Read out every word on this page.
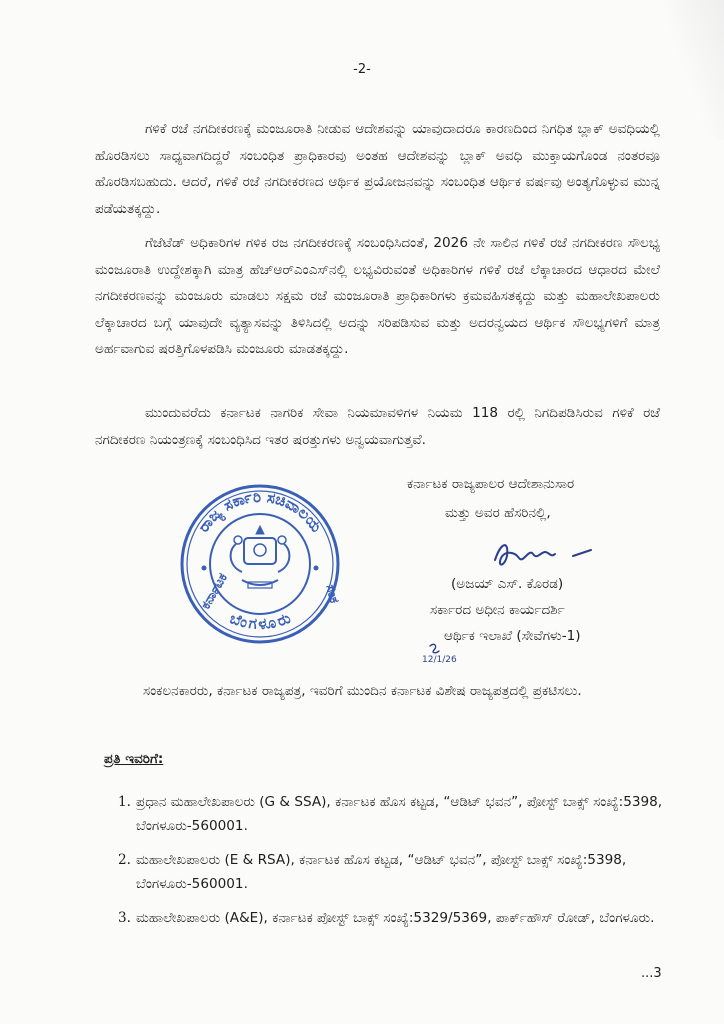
-2-

ಗಳಿಕೆ ರಜೆ ನಗದೀಕರಣಕ್ಕೆ ಮಂಜೂರಾತಿ ನೀಡುವ ಆದೇಶವನ್ನು ಯಾವುದಾದರೂ ಕಾರಣದಿಂದ ನಿಗಧಿತ ಬ್ಲಾಕ್ ಅವಧಿಯಲ್ಲಿ ಹೊರಡಿಸಲು ಸಾಧ್ಯವಾಗದಿದ್ದರೆ ಸಂಬಂಧಿತ ಪ್ರಾಧಿಕಾರವು ಅಂತಹ ಆದೇಶವನ್ನು ಬ್ಲಾಕ್ ಅವಧಿ ಮುಕ್ತಾಯಗೊಂಡ ನಂತರವೂ ಹೊರಡಿಸಬಹುದು. ಆದರೆ, ಗಳಿಕೆ ರಜೆ ನಗದೀಕರಣದ ಆರ್ಥಿಕ ಪ್ರಯೋಜನವನ್ನು ಸಂಬಂಧಿತ ಆರ್ಥಿಕ ವರ್ಷವು ಅಂತ್ಯಗೊಳ್ಳುವ ಮುನ್ನ ಪಡೆಯತಕ್ಕದ್ದು.

ಗೆಜೆಟೆಡ್ ಅಧಿಕಾರಿಗಳ ಗಳಿಕ ರಜ ನಗದೀಕರಣಕ್ಕೆ ಸಂಬಂಧಿಸಿದಂತೆ, 2026 ನೇ ಸಾಲಿನ ಗಳಿಕೆ ರಜೆ ನಗದೀಕರಣ ಸೌಲಭ್ಯ ಮಂಜೂರಾತಿ ಉದ್ದೇಶಕ್ಕಾಗಿ ಮಾತ್ರ ಹೆಚ್‌ಆರ್‌ಎಂಎಸ್‌ನಲ್ಲಿ ಲಭ್ಯವಿರುವಂತೆ ಅಧಿಕಾರಿಗಳ ಗಳಿಕೆ ರಜೆ ಲೆಕ್ಕಾಚಾರದ ಆಧಾರದ ಮೇಲೆ ನಗದೀಕರಣವನ್ನು ಮಂಜೂರು ಮಾಡಲು ಸಕ್ಷಮ ರಜೆ ಮಂಜೂರಾತಿ ಪ್ರಾಧಿಕಾರಿಗಳು ಕ್ರಮವಹಿಸತಕ್ಕದ್ದು ಮತ್ತು ಮಹಾಲೇಖಪಾಲರು ಲೆಕ್ಕಾಚಾರದ ಬಗ್ಗೆ ಯಾವುದೇ ವ್ಯತ್ಯಾಸವನ್ನು ತಿಳಿಸಿದಲ್ಲಿ ಅದನ್ನು ಸರಿಪಡಿಸುವ ಮತ್ತು ಅದರನ್ವಯದ ಆರ್ಥಿಕ ಸೌಲಭ್ಯಗಳಿಗೆ ಮಾತ್ರ ಅರ್ಹವಾಗುವ ಷರತ್ತಿಗೊಳಪಡಿಸಿ ಮಂಜೂರು ಮಾಡತಕ್ಕದ್ದು.

ಮುಂದುವರೆದು ಕರ್ನಾಟಕ ನಾಗರಿಕ ಸೇವಾ ನಿಯಮಾವಳಿಗಳ ನಿಯಮ 118 ರಲ್ಲಿ ನಿಗದಿಪಡಿಸಿರುವ ಗಳಿಕೆ ರಜೆ ನಗದೀಕರಣ ನಿಯಂತ್ರಣಕ್ಕೆ ಸಂಬಂಧಿಸಿದ ಇತರ ಷರತ್ತುಗಳು ಅನ್ವಯವಾಗುತ್ತವೆ.

ರಾಜ್ಯ ಸರ್ಕಾರಿ ಸಚಿವಾಲಯ
ಬೆಂಗಳೂರು
ಕರ್ನಾಟಕ	ಸಂಕ
ಕರ್ನಾಟಕ ರಾಜ್ಯಪಾಲರ ಆದೇಶಾನುಸಾರ
ಮತ್ತು ಅವರ ಹೆಸರಿನಲ್ಲಿ,
(ಅಜಯ್ ಎಸ್. ಕೊರಡ)
ಸರ್ಕಾರದ ಅಧೀನ ಕಾರ್ಯದರ್ಶಿ
ಆರ್ಥಿಕ ಇಲಾಖೆ (ಸೇವೆಗಳು-1)
12/1/26

ಸಂಕಲನಕಾರರು, ಕರ್ನಾಟಕ ರಾಜ್ಯಪತ್ರ, ಇವರಿಗೆ ಮುಂದಿನ ಕರ್ನಾಟಕ ವಿಶೇಷ ರಾಜ್ಯಪತ್ರದಲ್ಲಿ ಪ್ರಕಟಿಸಲು.

ಪ್ರತಿ ಇವರಿಗೆ:
1. ಪ್ರಧಾನ ಮಹಾಲೇಖಪಾಲರು (G & SSA), ಕರ್ನಾಟಕ ಹೊಸ ಕಟ್ಟಡ, “ಆಡಿಟ್ ಭವನ”, ಪೋಸ್ಟ್ ಬಾಕ್ಸ್ ಸಂಖ್ಯೆ:5398, ಬೆಂಗಳೂರು-560001.
2. ಮಹಾಲೇಖಪಾಲರು (E & RSA), ಕರ್ನಾಟಕ ಹೊಸ ಕಟ್ಟಡ, “ಆಡಿಟ್ ಭವನ”, ಪೋಸ್ಟ್ ಬಾಕ್ಸ್ ಸಂಖ್ಯೆ:5398, ಬೆಂಗಳೂರು-560001.
3. ಮಹಾಲೇಖಪಾಲರು (A&E), ಕರ್ನಾಟಕ ಪೋಸ್ಟ್ ಬಾಕ್ಸ್ ಸಂಖ್ಯೆ:5329/5369, ಪಾರ್ಕ್‌ಹೌಸ್ ರೋಡ್, ಬೆಂಗಳೂರು.
...3
